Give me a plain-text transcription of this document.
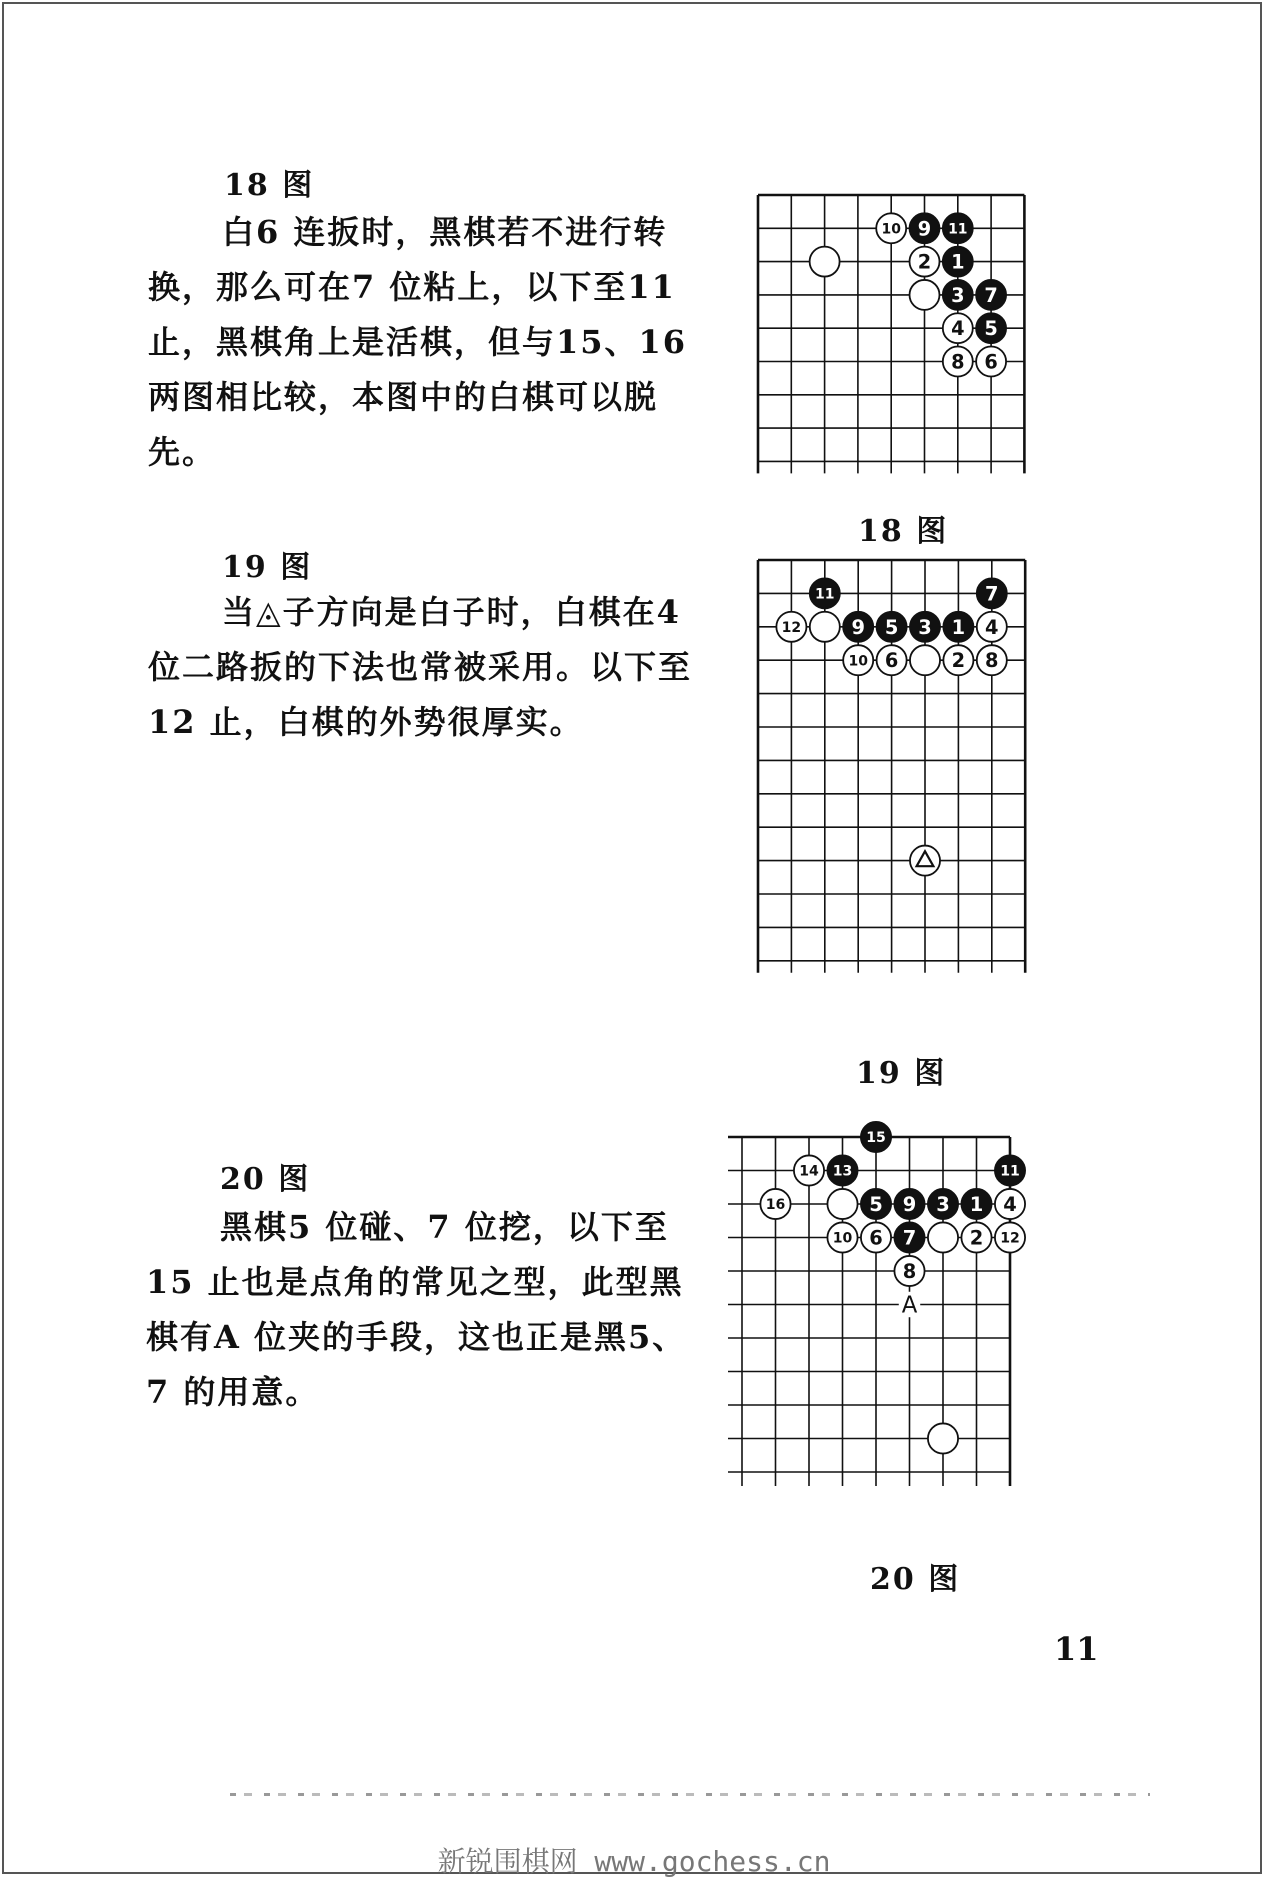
18 图

白6 连扳时，黑棋若不进行转换，那么可在7 位粘上，以下至11 止，黑棋角上是活棋，但与15、16 两图相比较，本图中的白棋可以脱先。

10 9 11
2 1
3 7
4 5
8 6
18 图
19 图

当◬子方向是白子时，白棋在4 位二路扳的下法也常被采用。以下至12 止，白棋的外势很厚实。

11	7
12	9 5 3 1 4
10 6	2 8
19 图
20 图

黑棋5 位碰、7 位挖，以下至15 止也是点角的常见之型，此型黑棋有A 位夹的手段，这也正是黑5、7 的用意。

15
14 13	11
16	5 9 3 1 4
10 6 7	2 12
8
A
20 图
11
新锐围棋网 www.gochess.cn
